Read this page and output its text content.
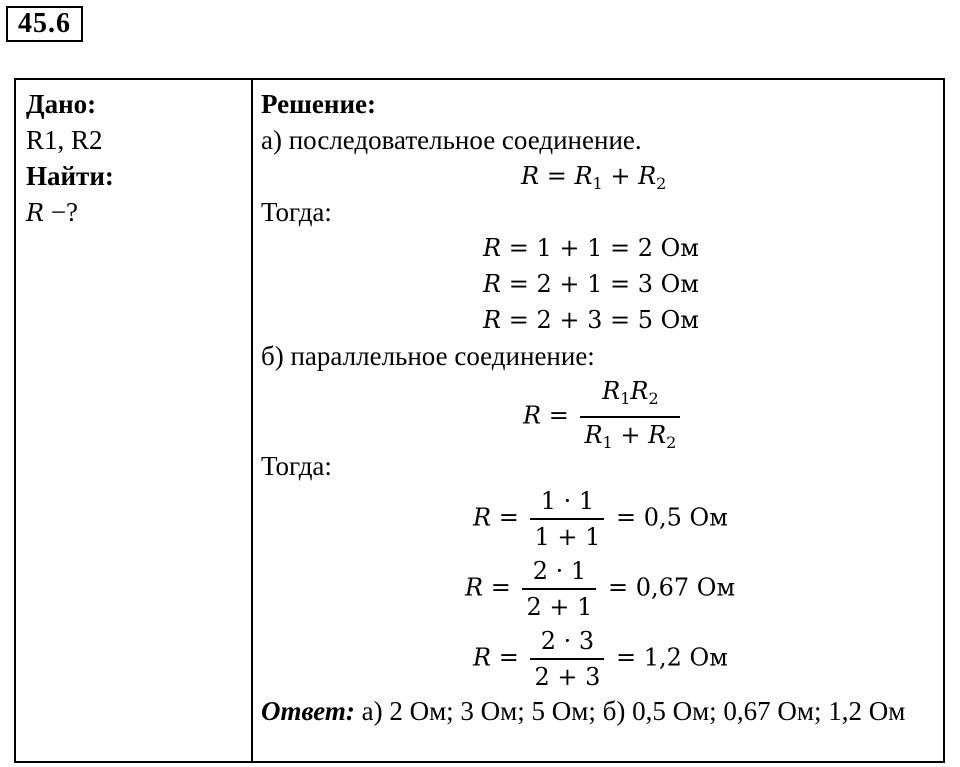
45.6
Дано:
R1, R2
Найти:
R −?
Решение:
а) последовательное соединение.
$R = R_1 + R_2$
Тогда:
R = 1 + 1 = 2 Ом
R = 2 + 1 = 3 Ом
R = 2 + 3 = 5 Ом
б) параллельное соединение:
$R = \frac{R_1R_2}{R_1 + R_2}$
Тогда:
$R = \frac{1 \cdot 1}{1 + 1} = 0,5$ Ом
$R = \frac{2 \cdot 1}{2 + 1} = 0,67$ Ом
$R = \frac{2 \cdot 3}{2 + 3} = 1,2$ Ом
Ответ: а) 2 Ом; 3 Ом; 5 Ом; б) 0,5 Ом; 0,67 Ом; 1,2 Ом
